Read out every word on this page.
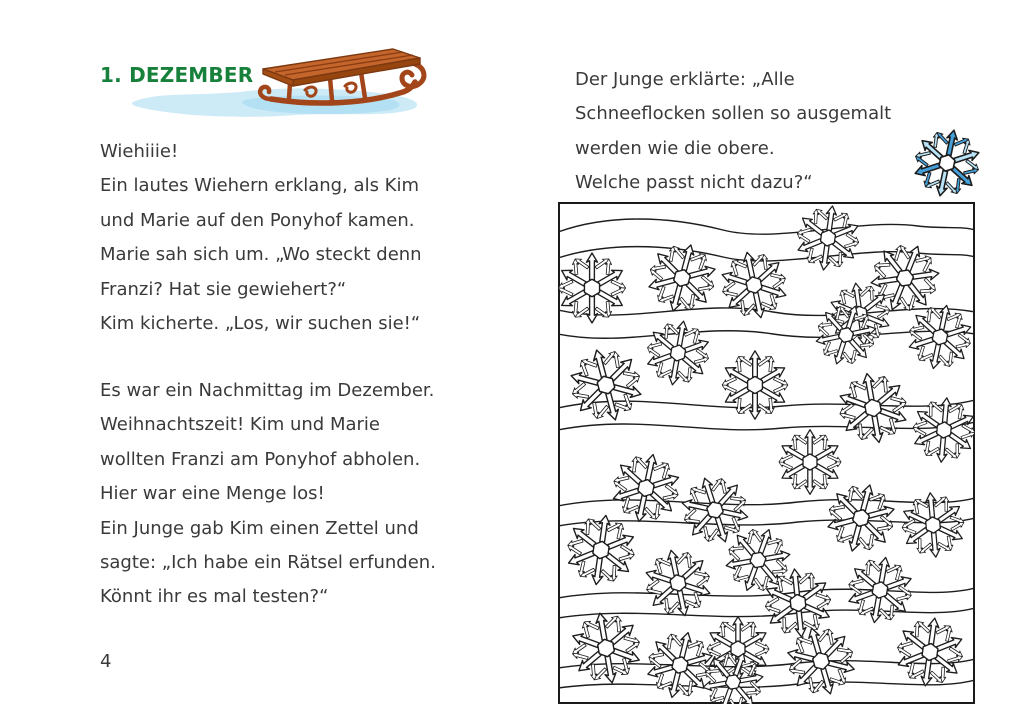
1. DEZEMBER
Wiehiiie!
Ein lautes Wiehern erklang, als Kim
und Marie auf den Ponyhof kamen.
Marie sah sich um. „Wo steckt denn
Franzi? Hat sie gewiehert?“
Kim kicherte. „Los, wir suchen sie!“
Es war ein Nachmittag im Dezember.
Weihnachtszeit! Kim und Marie
wollten Franzi am Ponyhof abholen.
Hier war eine Menge los!
Ein Junge gab Kim einen Zettel und
sagte: „Ich habe ein Rätsel erfunden.
Könnt ihr es mal testen?“
4
Der Junge erklärte: „Alle
Schneeflocken sollen so ausgemalt
werden wie die obere.
Welche passt nicht dazu?“
